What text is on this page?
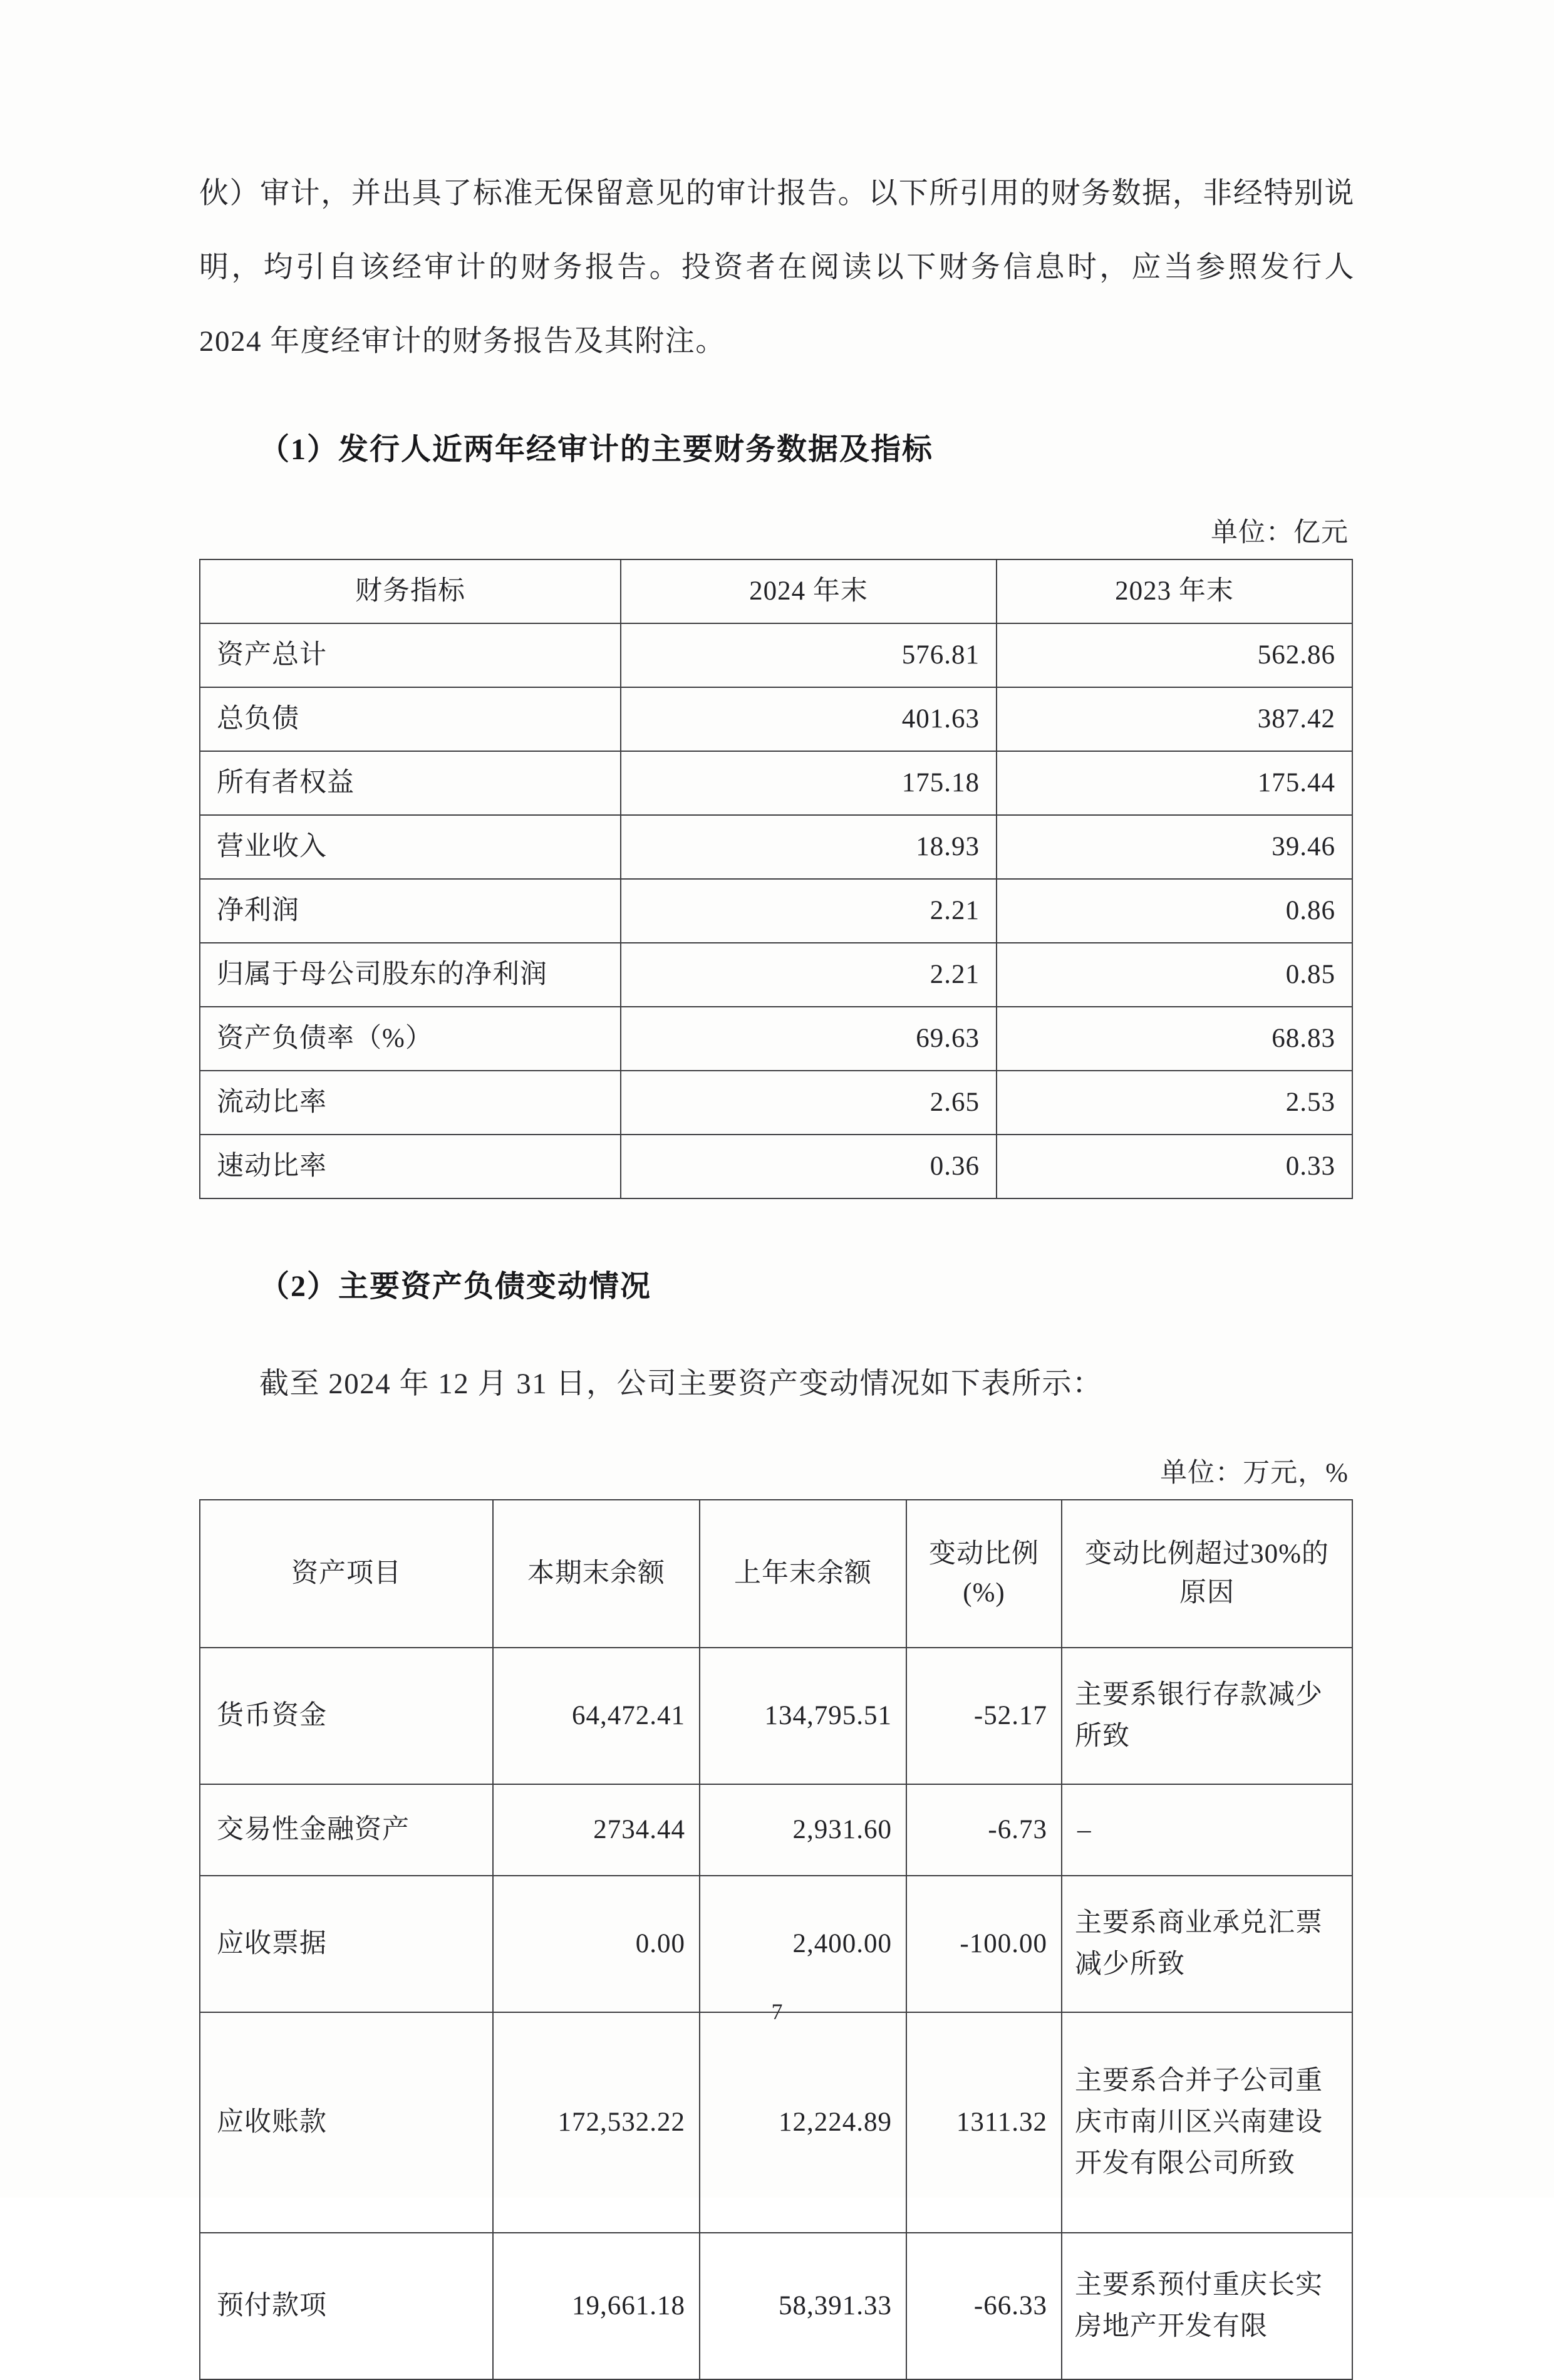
伙）审计，并出具了标准无保留意见的审计报告。以下所引用的财务数据，非经特别说明，均引自该经审计的财务报告。投资者在阅读以下财务信息时，应当参照发行人 2024 年度经审计的财务报告及其附注。

（1）发行人近两年经审计的主要财务数据及指标
单位：亿元
财务指标	2024 年末	2023 年末
资产总计	576.81	562.86
总负债	401.63	387.42
所有者权益	175.18	175.44
营业收入	18.93	39.46
净利润	2.21	0.86
归属于母公司股东的净利润	2.21	0.85
资产负债率（%）	69.63	68.83
流动比率	2.65	2.53
速动比率	0.36	0.33
（2）主要资产负债变动情况

截至 2024 年 12 月 31 日，公司主要资产变动情况如下表所示：

单位：万元，%
资产项目	本期末余额	上年末余额	变动比例(%)	变动比例超过30%的原因
货币资金	64,472.41	134,795.51	-52.17	主要系银行存款减少所致
交易性金融资产	2734.44	2,931.60	-6.73	–
应收票据	0.00	2,400.00	-100.00	主要系商业承兑汇票减少所致
应收账款	172,532.22	12,224.89	1311.32	主要系合并子公司重庆市南川区兴南建设开发有限公司所致
预付款项	19,661.18	58,391.33	-66.33	主要系预付重庆长实房地产开发有限
7
